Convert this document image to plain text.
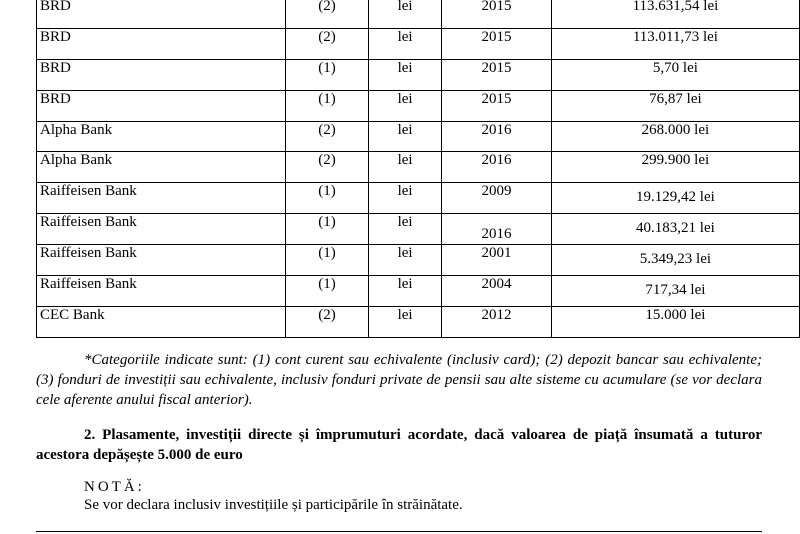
BRD	(2)	lei	2015	113.631,54 lei
BRD	(2)	lei	2015	113.011,73 lei
BRD	(1)	lei	2015	5,70 lei
BRD	(1)	lei	2015	76,87 lei
Alpha Bank	(2)	lei	2016	268.000 lei
Alpha Bank	(2)	lei	2016	299.900 lei
Raiffeisen Bank	(1)	lei	2009	19.129,42 lei

Raiffeisen Bank	(1)	lei	2016	40.183,21 lei

Raiffeisen Bank	(1)	lei	2001	5.349,23 lei

Raiffeisen Bank	(1)	lei	2004	717,34 lei

CEC Bank	(2)	lei	2012	15.000 lei

*Categoriile indicate sunt: (1) cont curent sau echivalente (inclusiv card); (2) depozit bancar sau echivalente; (3) fonduri de investiții sau echivalente, inclusiv fonduri private de pensii sau alte sisteme cu acumulare (se vor declara cele aferente anului fiscal anterior).

2. Plasamente, investiții directe și împrumuturi acordate, dacă valoarea de piață însumată a tuturor acestora depășește 5.000 de euro

NOTĂ:

Se vor declara inclusiv investițiile și participările în străinătate.
